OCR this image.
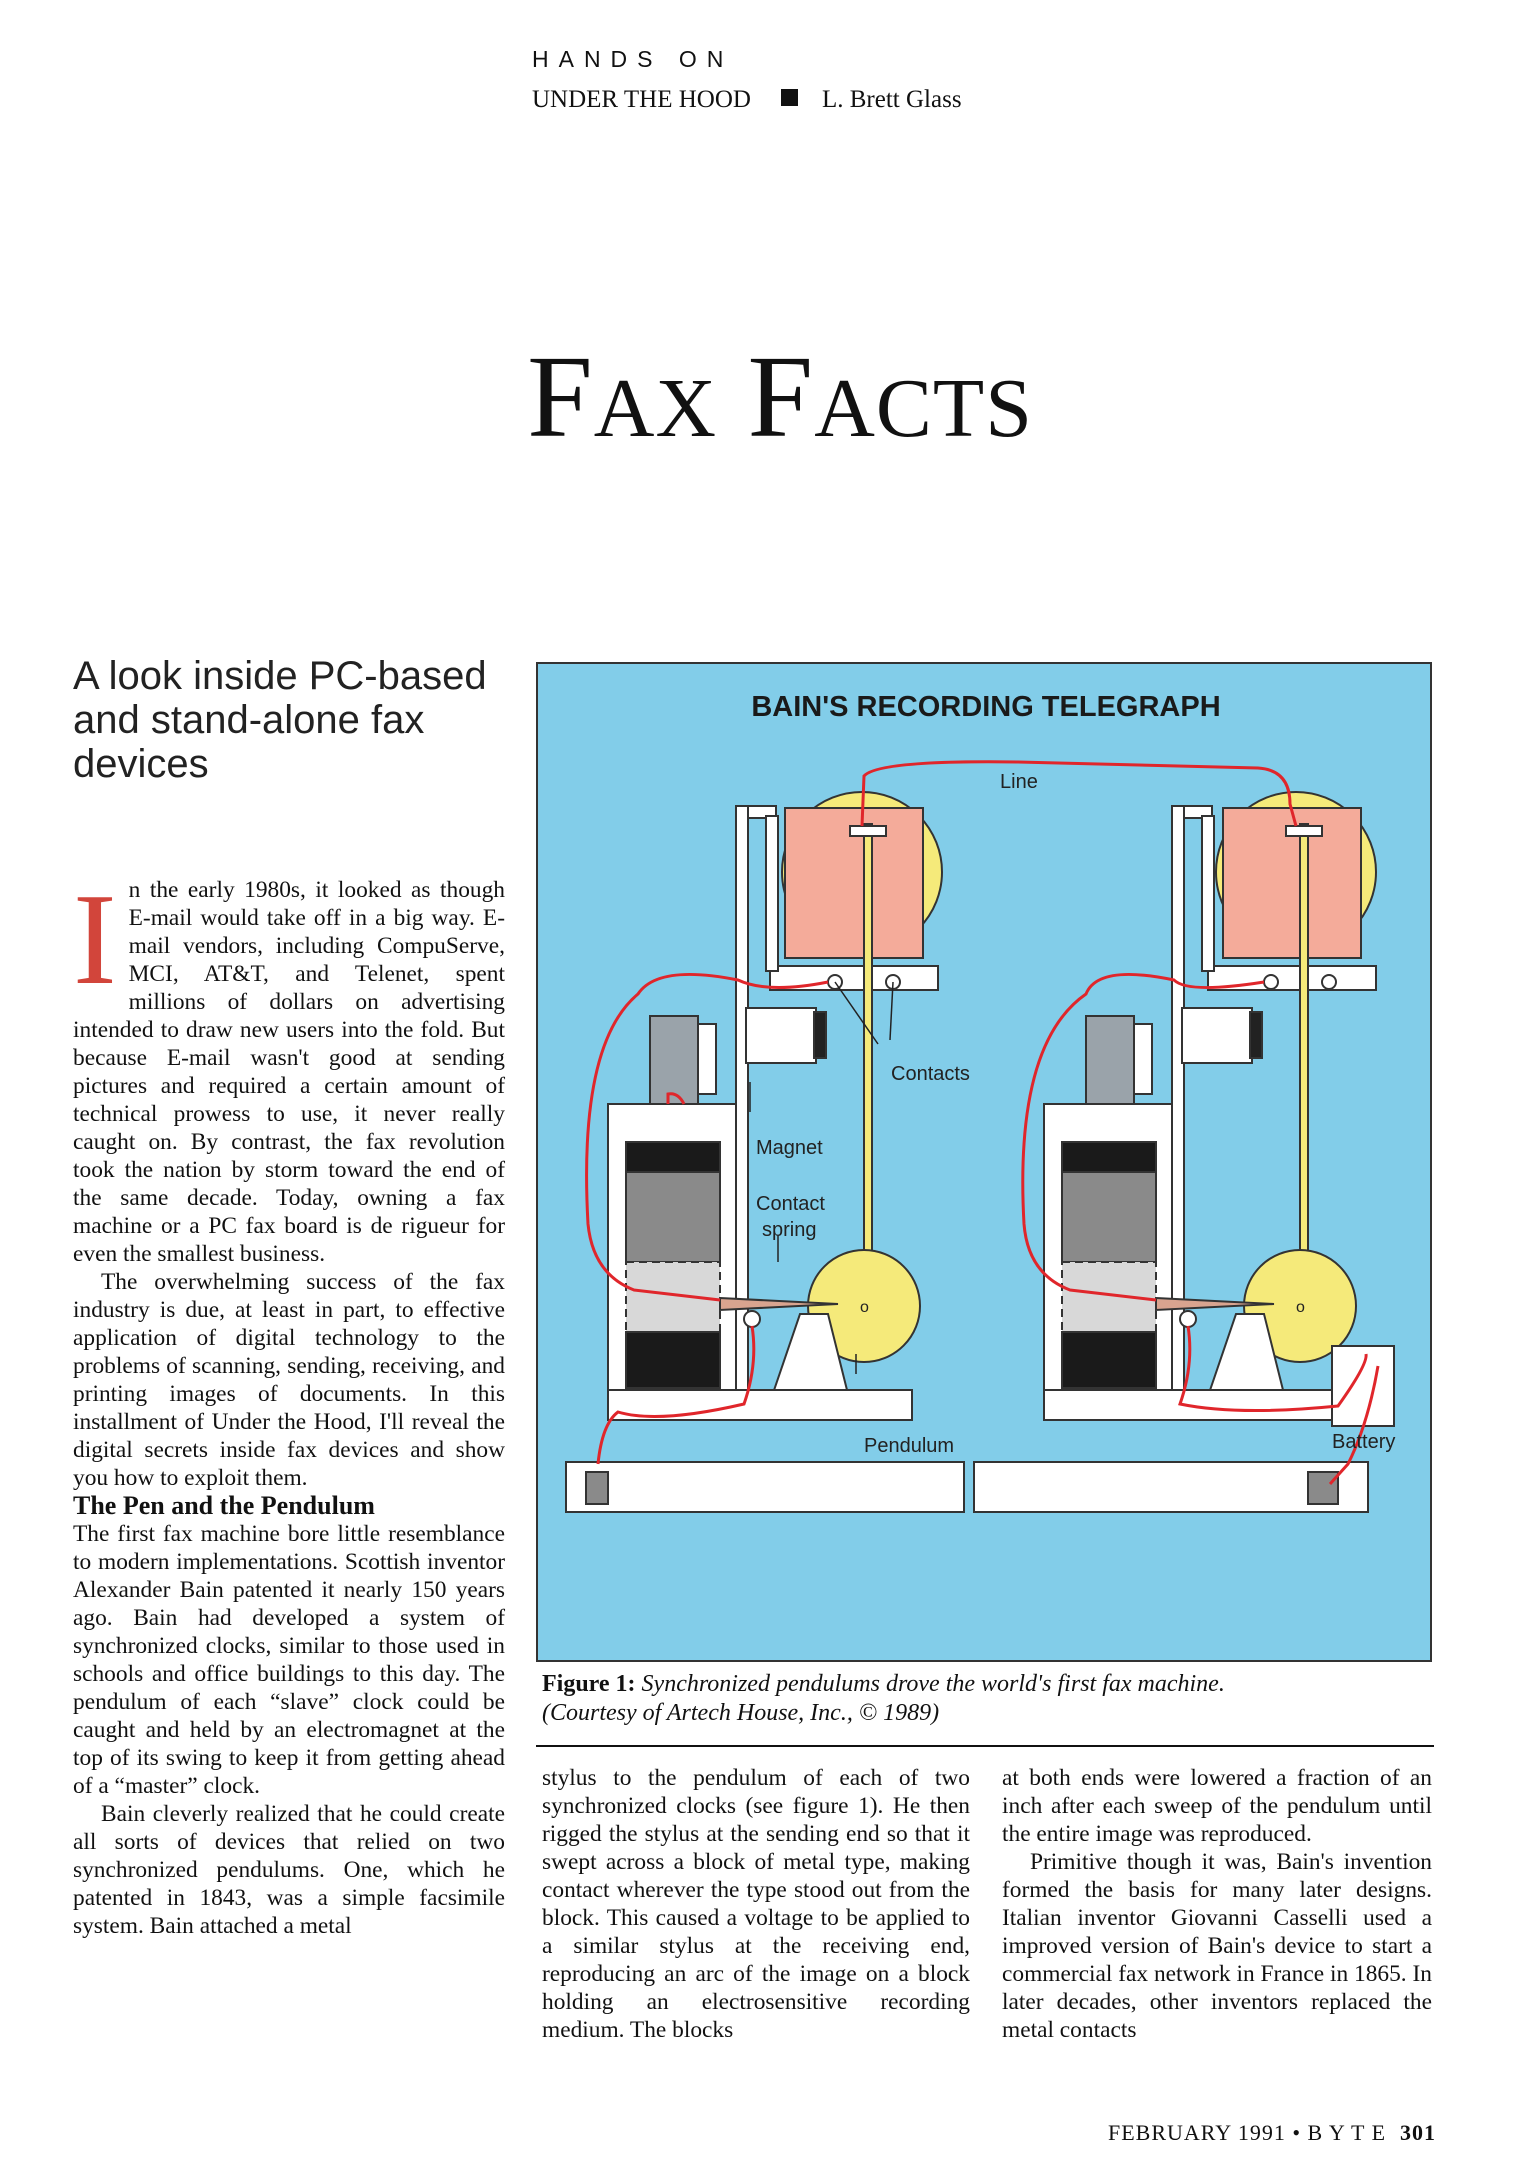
HANDS ON
UNDER THE HOOD	L. Brett Glass
FAX FACTS
A look inside PC-based and stand-alone fax devices

In the early 1980s, it looked as though E-mail would take off in a big way. E-mail vendors, including CompuServe, MCI, AT&T, and Telenet, spent millions of dollars on advertising intended to draw new users into the fold. But because E-mail wasn't good at sending pictures and required a certain amount of technical prowess to use, it never really caught on. By contrast, the fax revolution took the nation by storm toward the end of the same decade. Today, owning a fax machine or a PC fax board is de rigueur for even the smallest business.

The overwhelming success of the fax industry is due, at least in part, to effective application of digital technology to the problems of scanning, sending, receiving, and printing images of documents. In this installment of Under the Hood, I'll reveal the digital secrets inside fax devices and show you how to exploit them.

The Pen and the Pendulum

The first fax machine bore little resemblance to modern implementations. Scottish inventor Alexander Bain patented it nearly 150 years ago. Bain had developed a system of synchronized clocks, similar to those used in schools and office buildings to this day. The pendulum of each “slave” clock could be caught and held by an electromagnet at the top of its swing to keep it from getting ahead of a “master” clock.

Bain cleverly realized that he could create all sorts of devices that relied on two synchronized pendulums. One, which he patented in 1843, was a simple facsimile system. Bain attached a metal

BAIN'S RECORDING TELEGRAPH
Line
Contacts
Magnet
Contact
spring
Pendulum	Battery
o	o
Figure 1: Synchronized pendulums drove the world's first fax machine.
(Courtesy of Artech House, Inc., © 1989)

stylus to the pendulum of each of two synchronized clocks (see figure 1). He then rigged the stylus at the sending end so that it swept across a block of metal type, making contact wherever the type stood out from the block. This caused a voltage to be applied to a similar stylus at the receiving end, reproducing an arc of the image on a block holding an electrosensitive recording medium. The blocks

at both ends were lowered a fraction of an inch after each sweep of the pendulum until the entire image was reproduced.

Primitive though it was, Bain's invention formed the basis for many later designs. Italian inventor Giovanni Casselli used a improved version of Bain's device to start a commercial fax network in France in 1865. In later decades, other inventors replaced the metal contacts

FEBRUARY 1991 • B Y T E 301
